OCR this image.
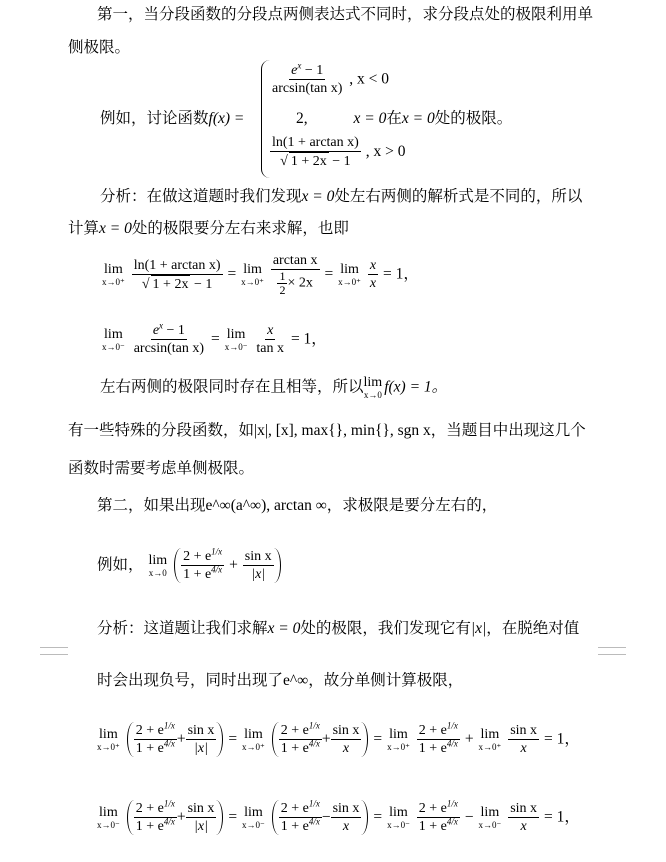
第一，当分段函数的分段点两侧表达式不同时，求分段点处的极限利用单
侧极限。
例如，讨论函数f(x) =
$\frac{e^x - 1}{\text{arcsin(tan x)}}$ , x < 0
2,	x = 0在x = 0处的极限。
$\frac{\text{ln(1 + arctan x)}}{√ 1 + 2x - 1}$ , x > 0
分析：在做这道题时我们发现x = 0处左右两侧的解析式是不同的，所以
计算x = 0处的极限要分左右来求解，也即
lim
x→0⁺
$\frac{\text{ln(1 + arctan x)}}{√ 1 + 2x - 1} = \lim$
x→0⁺
$\frac{\text{arctan x}}{\frac{1}{2} \times 2x} = \lim$
x→0⁺
$\frac{x}{x} = 1$，
lim
x→0⁻
$\frac{e^x - 1}{\text{arcsin(tan x)}} = \lim$
x→0⁻
$\frac{x}{\text{tan x}} = 1$，
左右两侧的极限同时存在且相等，所以 lim
x→0 f(x) = 1。
有一些特殊的分段函数，如|x|, [x], max{}, min{}, sgn x，当题目中出现这几个
函数时需要考虑单侧极限。
第二，如果出现e^∞(a^∞), arctan ∞，求极限是要分左右的，
例如， lim
x→0
$\frac{2 + e^{1/x}}{1 + e^{4/x}} + \frac{\text{sin x}}{|x|}$
分析：这道题让我们求解x = 0处的极限，我们发现它有|x|，在脱绝对值
时会出现负号，同时出现了e^∞，故分单侧计算极限，
lim
x→0⁺
$\frac{2 + e^{1/x}}{1 + e^{4/x}} + \frac{\text{sin x}}{|x|} = \lim$
x→0⁺
$\frac{2 + e^{1/x}}{1 + e^{4/x}} + \frac{\text{sin x}}{x} = \lim$
x→0⁺
$\frac{2 + e^{1/x}}{1 + e^{4/x}} + \lim$
x→0⁺
$\frac{\text{sin x}}{x} = 1$，
lim
x→0⁻
$\frac{2 + e^{1/x}}{1 + e^{4/x}} + \frac{\text{sin x}}{|x|} = \lim$
x→0⁻
$\frac{2 + e^{1/x}}{1 + e^{4/x}} - \frac{\text{sin x}}{x} = \lim$
x→0⁻
$\frac{2 + e^{1/x}}{1 + e^{4/x}} - \lim$
x→0⁻
$\frac{\text{sin x}}{x} = 1$，
